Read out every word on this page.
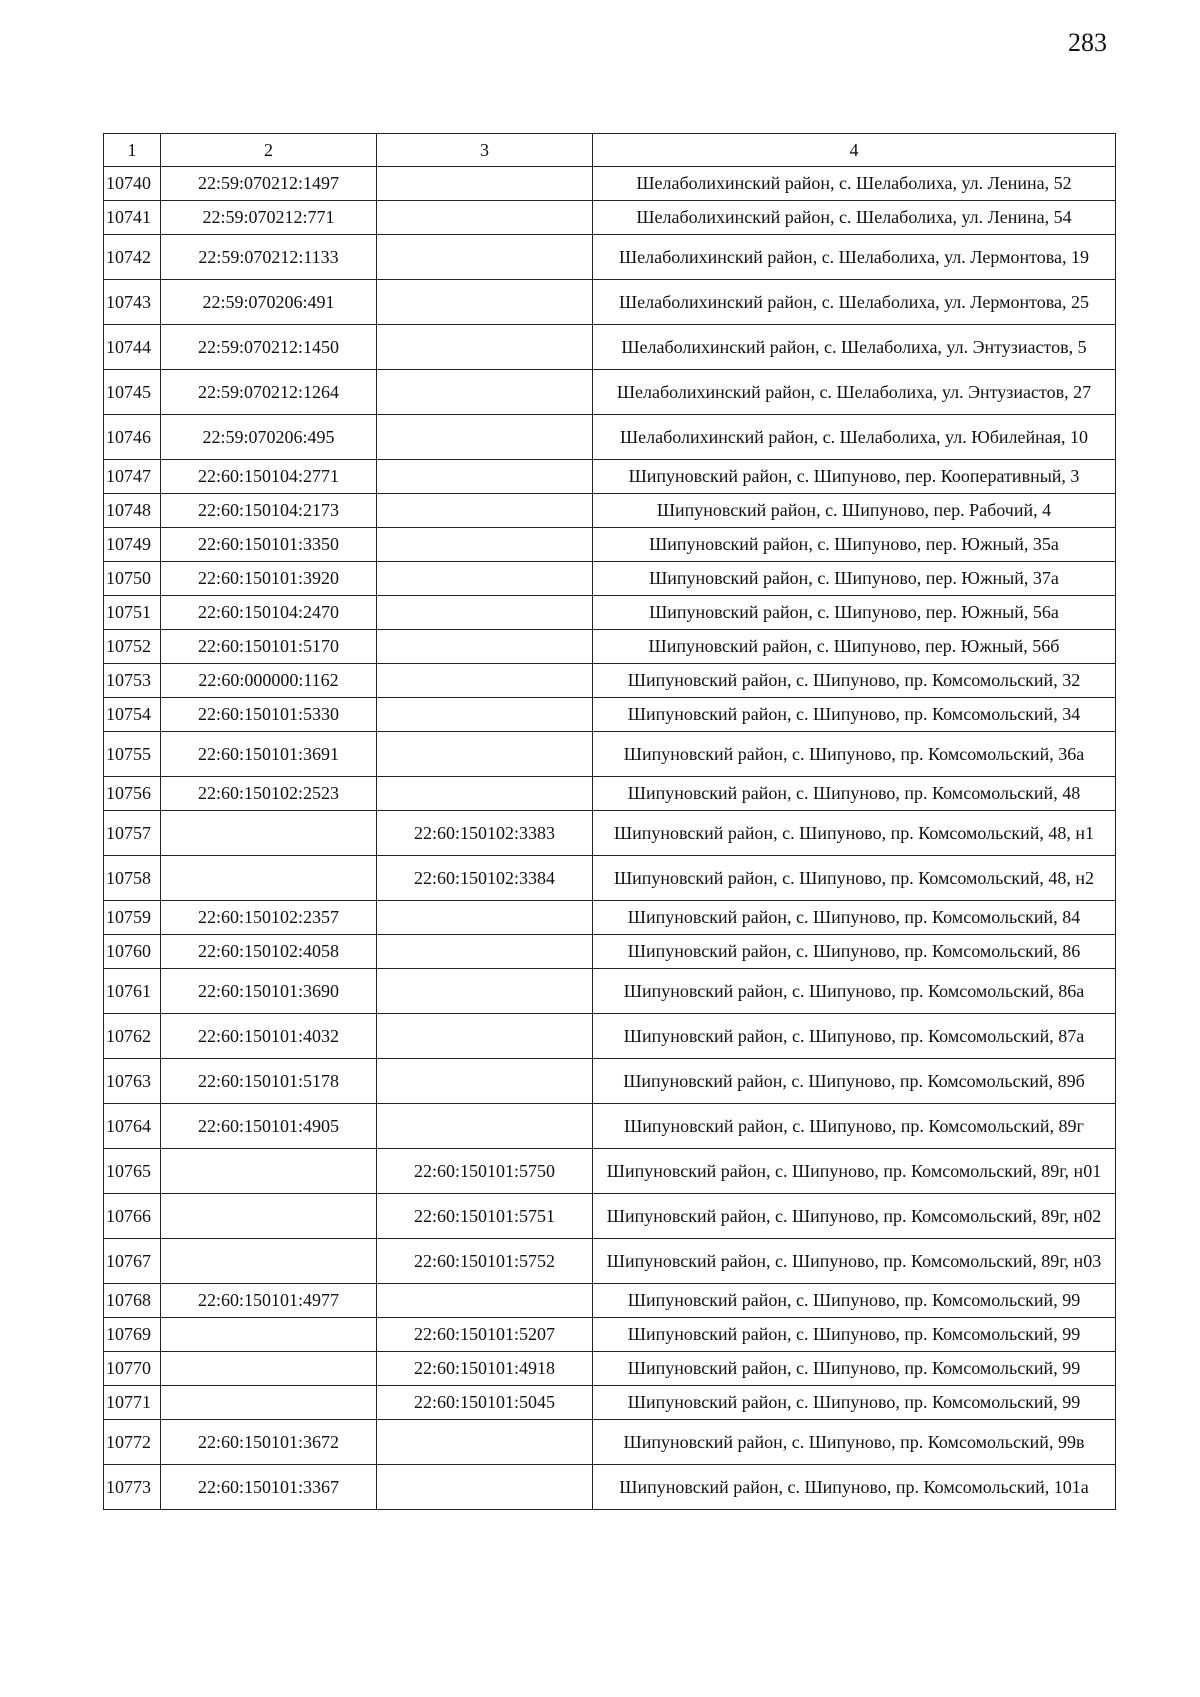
283
1	2	3	4
10740	22:59:070212:1497		Шелаболихинский район, с. Шелаболиха, ул. Ленина, 52
10741	22:59:070212:771		Шелаболихинский район, с. Шелаболиха, ул. Ленина, 54
10742	22:59:070212:1133		Шелаболихинский район, с. Шелаболиха, ул. Лермонтова, 19
10743	22:59:070206:491		Шелаболихинский район, с. Шелаболиха, ул. Лермонтова, 25
10744	22:59:070212:1450		Шелаболихинский район, с. Шелаболиха, ул. Энтузиастов, 5
10745	22:59:070212:1264		Шелаболихинский район, с. Шелаболиха, ул. Энтузиастов, 27
10746	22:59:070206:495		Шелаболихинский район, с. Шелаболиха, ул. Юбилейная, 10
10747	22:60:150104:2771		Шипуновский район, с. Шипуново, пер. Кооперативный, 3
10748	22:60:150104:2173		Шипуновский район, с. Шипуново, пер. Рабочий, 4
10749	22:60:150101:3350		Шипуновский район, с. Шипуново, пер. Южный, 35а
10750	22:60:150101:3920		Шипуновский район, с. Шипуново, пер. Южный, 37а
10751	22:60:150104:2470		Шипуновский район, с. Шипуново, пер. Южный, 56а
10752	22:60:150101:5170		Шипуновский район, с. Шипуново, пер. Южный, 56б
10753	22:60:000000:1162		Шипуновский район, с. Шипуново, пр. Комсомольский, 32
10754	22:60:150101:5330		Шипуновский район, с. Шипуново, пр. Комсомольский, 34
10755	22:60:150101:3691		Шипуновский район, с. Шипуново, пр. Комсомольский, 36а
10756	22:60:150102:2523		Шипуновский район, с. Шипуново, пр. Комсомольский, 48
10757		22:60:150102:3383	Шипуновский район, с. Шипуново, пр. Комсомольский, 48, н1
10758		22:60:150102:3384	Шипуновский район, с. Шипуново, пр. Комсомольский, 48, н2
10759	22:60:150102:2357		Шипуновский район, с. Шипуново, пр. Комсомольский, 84
10760	22:60:150102:4058		Шипуновский район, с. Шипуново, пр. Комсомольский, 86
10761	22:60:150101:3690		Шипуновский район, с. Шипуново, пр. Комсомольский, 86а
10762	22:60:150101:4032		Шипуновский район, с. Шипуново, пр. Комсомольский, 87а
10763	22:60:150101:5178		Шипуновский район, с. Шипуново, пр. Комсомольский, 89б
10764	22:60:150101:4905		Шипуновский район, с. Шипуново, пр. Комсомольский, 89г
10765		22:60:150101:5750	Шипуновский район, с. Шипуново, пр. Комсомольский, 89г, н01
10766		22:60:150101:5751	Шипуновский район, с. Шипуново, пр. Комсомольский, 89г, н02
10767		22:60:150101:5752	Шипуновский район, с. Шипуново, пр. Комсомольский, 89г, н03
10768	22:60:150101:4977		Шипуновский район, с. Шипуново, пр. Комсомольский, 99
10769		22:60:150101:5207	Шипуновский район, с. Шипуново, пр. Комсомольский, 99
10770		22:60:150101:4918	Шипуновский район, с. Шипуново, пр. Комсомольский, 99
10771		22:60:150101:5045	Шипуновский район, с. Шипуново, пр. Комсомольский, 99
10772	22:60:150101:3672		Шипуновский район, с. Шипуново, пр. Комсомольский, 99в
10773	22:60:150101:3367		Шипуновский район, с. Шипуново, пр. Комсомольский, 101а
